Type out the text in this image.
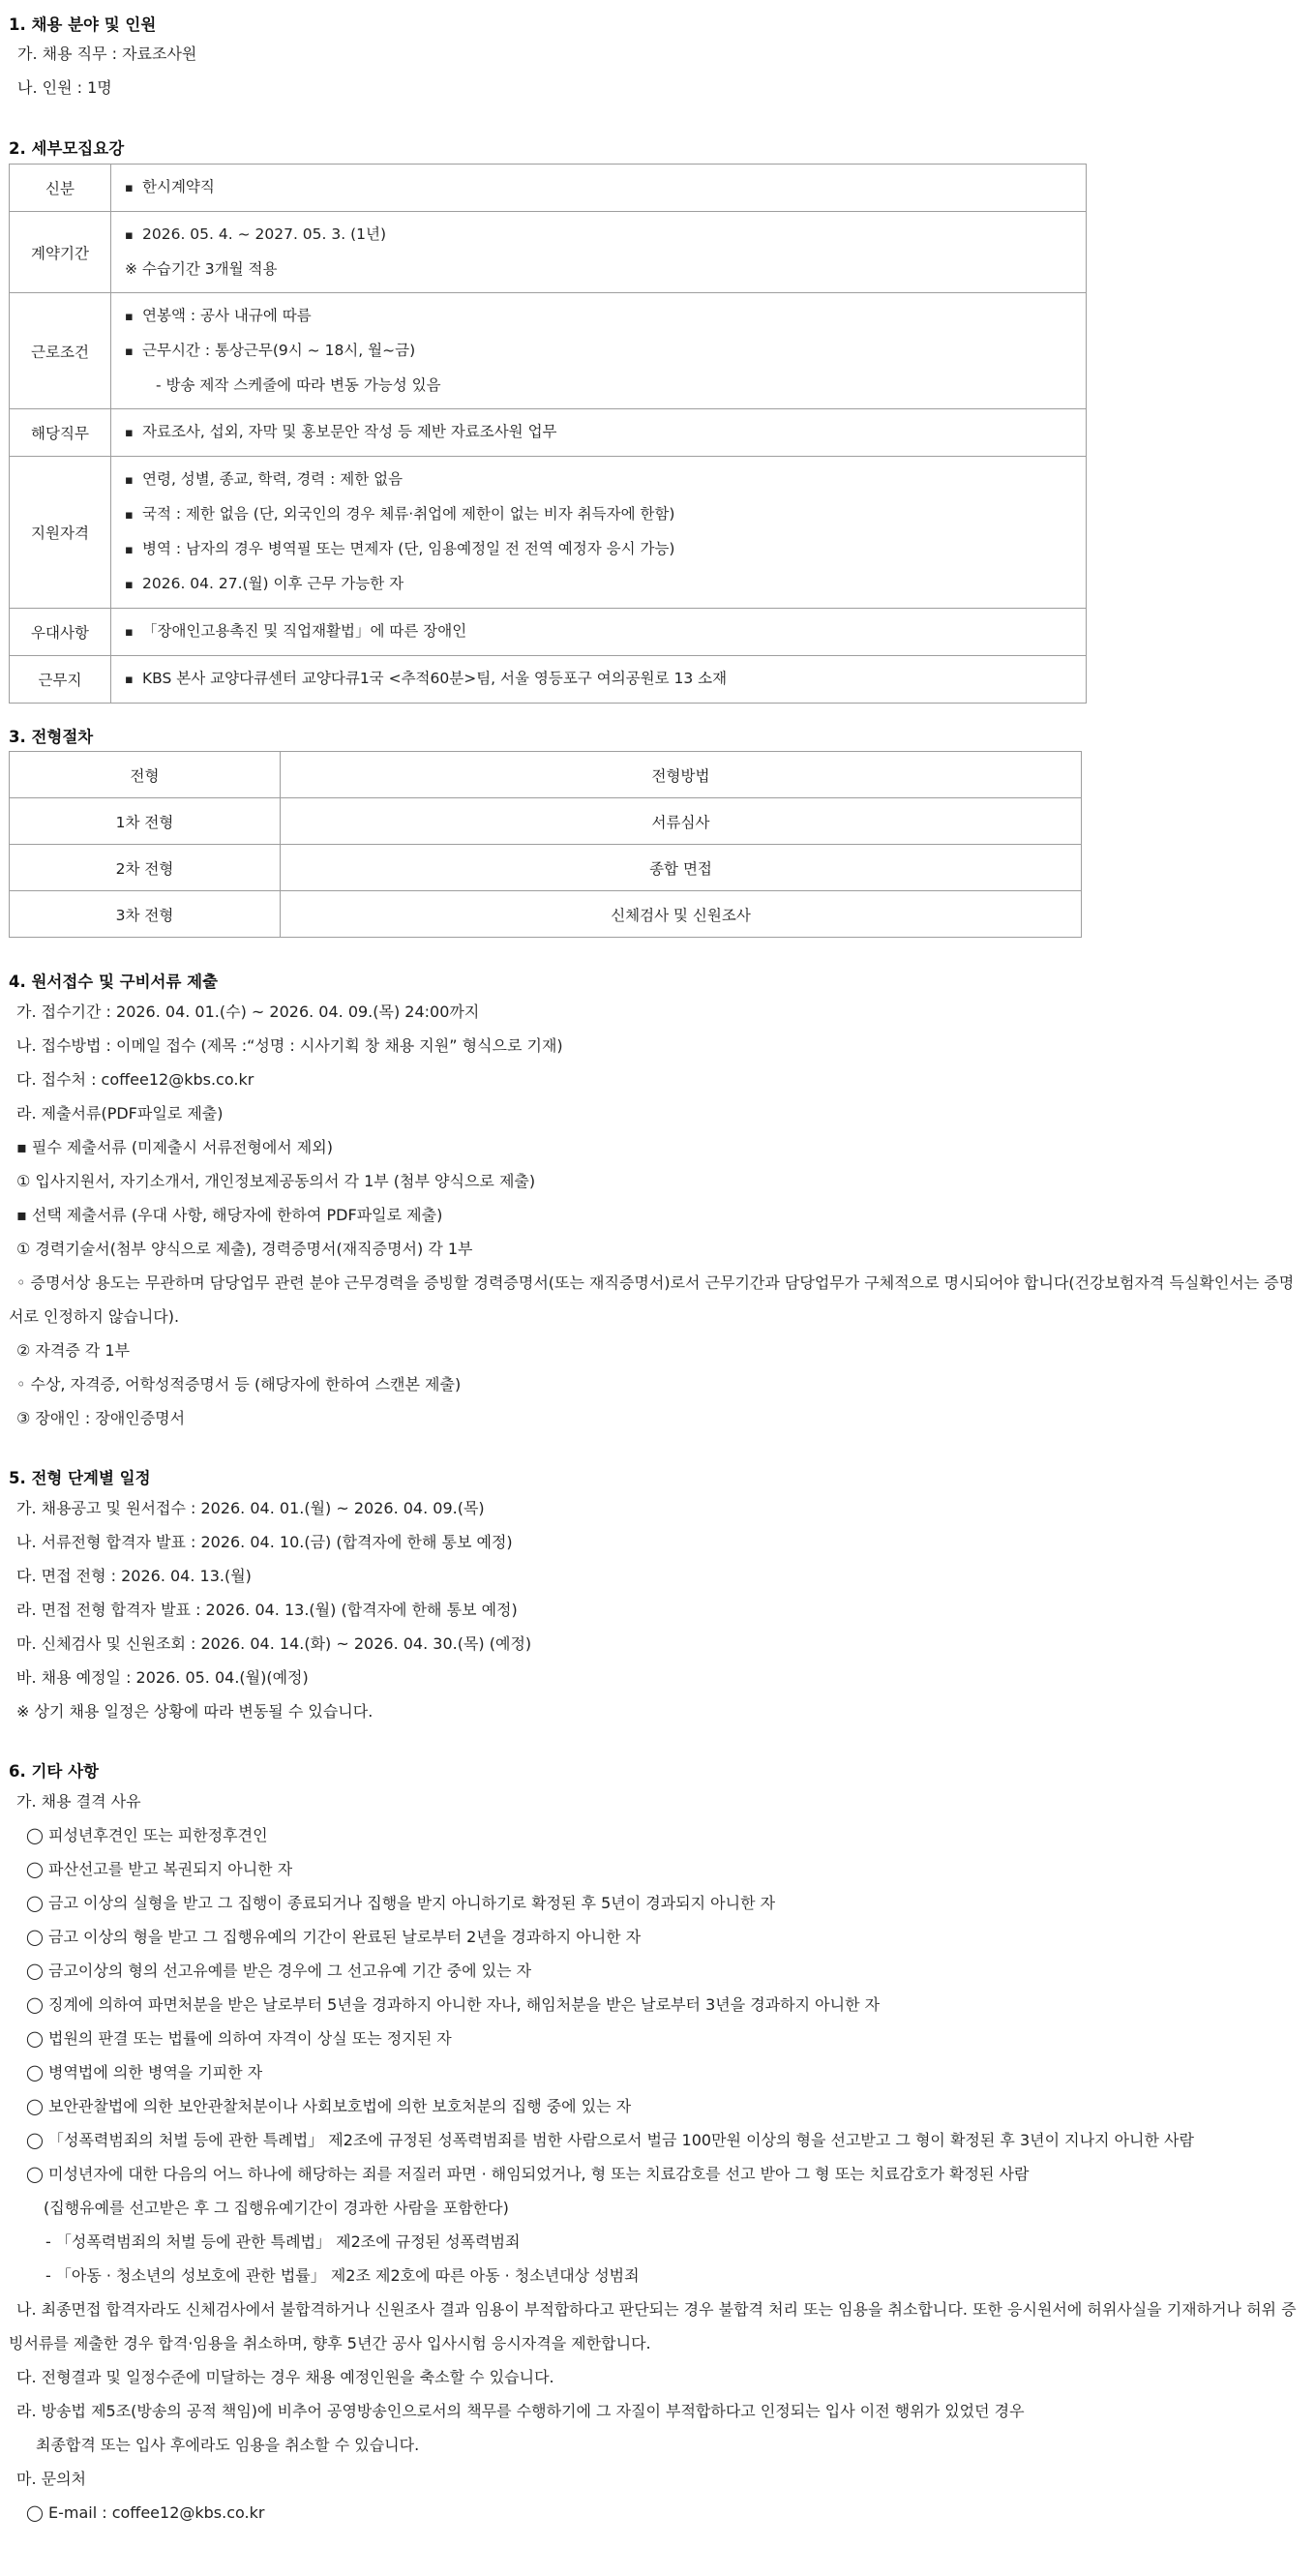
1. 채용 분야 및 인원
가. 채용 직무 : 자료조사원
나. 인원 : 1명
2. 세부모집요강
신분	▪ 한시계약직

계약기간	▪ 2026. 05. 4. ~ 2027. 05. 3. (1년)
※ 수습기간 3개월 적용

근로조건	▪ 연봉액 : 공사 내규에 따름
▪ 근무시간 : 통상근무(9시 ~ 18시, 월~금)
- 방송 제작 스케줄에 따라 변동 가능성 있음

해당직무	▪ 자료조사, 섭외, 자막 및 홍보문안 작성 등 제반 자료조사원 업무

지원자격	▪ 연령, 성별, 종교, 학력, 경력 : 제한 없음
▪ 국적 : 제한 없음 (단, 외국인의 경우 체류·취업에 제한이 없는 비자 취득자에 한함)
▪ 병역 : 남자의 경우 병역필 또는 면제자 (단, 임용예정일 전 전역 예정자 응시 가능)
▪ 2026. 04. 27.(월) 이후 근무 가능한 자

우대사항	▪ 「장애인고용촉진 및 직업재활법」에 따른 장애인

근무지	▪ KBS 본사 교양다큐센터 교양다큐1국 <추적60분>팀, 서울 영등포구 여의공원로 13 소재
3. 전형절차
전형	전형방법
1차 전형	서류심사
2차 전형	종합 면접
3차 전형	신체검사 및 신원조사
4. 원서접수 및 구비서류 제출
가. 접수기간 : 2026. 04. 01.(수) ~ 2026. 04. 09.(목) 24:00까지
나. 접수방법 : 이메일 접수 (제목 :“성명 : 시사기획 창 채용 지원” 형식으로 기재)
다. 접수처 : coffee12@kbs.co.kr
라. 제출서류(PDF파일로 제출)
▪ 필수 제출서류 (미제출시 서류전형에서 제외)
① 입사지원서, 자기소개서, 개인정보제공동의서 각 1부 (첨부 양식으로 제출)
▪ 선택 제출서류 (우대 사항, 해당자에 한하여 PDF파일로 제출)
① 경력기술서(첨부 양식으로 제출), 경력증명서(재직증명서) 각 1부
◦ 증명서상 용도는 무관하며 담당업무 관련 분야 근무경력을 증빙할 경력증명서(또는 재직증명서)로서 근무기간과 담당업무가 구체적으로 명시되어야 합니다(건강보험자격 득실확인서는 증명서로 인정하지 않습니다).
② 자격증 각 1부
◦ 수상, 자격증, 어학성적증명서 등 (해당자에 한하여 스캔본 제출)
③ 장애인 : 장애인증명서
5. 전형 단계별 일정
가. 채용공고 및 원서접수 : 2026. 04. 01.(월) ~ 2026. 04. 09.(목)
나. 서류전형 합격자 발표 : 2026. 04. 10.(금) (합격자에 한해 통보 예정)
다. 면접 전형 : 2026. 04. 13.(월)
라. 면접 전형 합격자 발표 : 2026. 04. 13.(월) (합격자에 한해 통보 예정)
마. 신체검사 및 신원조회 : 2026. 04. 14.(화) ~ 2026. 04. 30.(목) (예정)
바. 채용 예정일 : 2026. 05. 04.(월)(예정)
※ 상기 채용 일정은 상황에 따라 변동될 수 있습니다.
6. 기타 사항
가. 채용 결격 사유
◯ 피성년후견인 또는 피한정후견인
◯ 파산선고를 받고 복권되지 아니한 자
◯ 금고 이상의 실형을 받고 그 집행이 종료되거나 집행을 받지 아니하기로 확정된 후 5년이 경과되지 아니한 자
◯ 금고 이상의 형을 받고 그 집행유예의 기간이 완료된 날로부터 2년을 경과하지 아니한 자
◯ 금고이상의 형의 선고유예를 받은 경우에 그 선고유예 기간 중에 있는 자
◯ 징계에 의하여 파면처분을 받은 날로부터 5년을 경과하지 아니한 자나, 해임처분을 받은 날로부터 3년을 경과하지 아니한 자
◯ 법원의 판결 또는 법률에 의하여 자격이 상실 또는 정지된 자
◯ 병역법에 의한 병역을 기피한 자
◯ 보안관찰법에 의한 보안관찰처분이나 사회보호법에 의한 보호처분의 집행 중에 있는 자
◯ 「성폭력범죄의 처벌 등에 관한 특례법」 제2조에 규정된 성폭력범죄를 범한 사람으로서 벌금 100만원 이상의 형을 선고받고 그 형이 확정된 후 3년이 지나지 아니한 사람
◯ 미성년자에 대한 다음의 어느 하나에 해당하는 죄를 저질러 파면 · 해임되었거나, 형 또는 치료감호를 선고 받아 그 형 또는 치료감호가 확정된 사람
(집행유예를 선고받은 후 그 집행유예기간이 경과한 사람을 포함한다)
- 「성폭력범죄의 처벌 등에 관한 특례법」 제2조에 규정된 성폭력범죄
- 「아동 · 청소년의 성보호에 관한 법률」 제2조 제2호에 따른 아동 · 청소년대상 성범죄
나. 최종면접 합격자라도 신체검사에서 불합격하거나 신원조사 결과 임용이 부적합하다고 판단되는 경우 불합격 처리 또는 임용을 취소합니다. 또한 응시원서에 허위사실을 기재하거나 허위 증빙서류를 제출한 경우 합격·임용을 취소하며, 향후 5년간 공사 입사시험 응시자격을 제한합니다.
다. 전형결과 및 일정수준에 미달하는 경우 채용 예정인원을 축소할 수 있습니다.
라. 방송법 제5조(방송의 공적 책임)에 비추어 공영방송인으로서의 책무를 수행하기에 그 자질이 부적합하다고 인정되는 입사 이전 행위가 있었던 경우
최종합격 또는 입사 후에라도 임용을 취소할 수 있습니다.
마. 문의처
◯ E-mail : coffee12@kbs.co.kr
